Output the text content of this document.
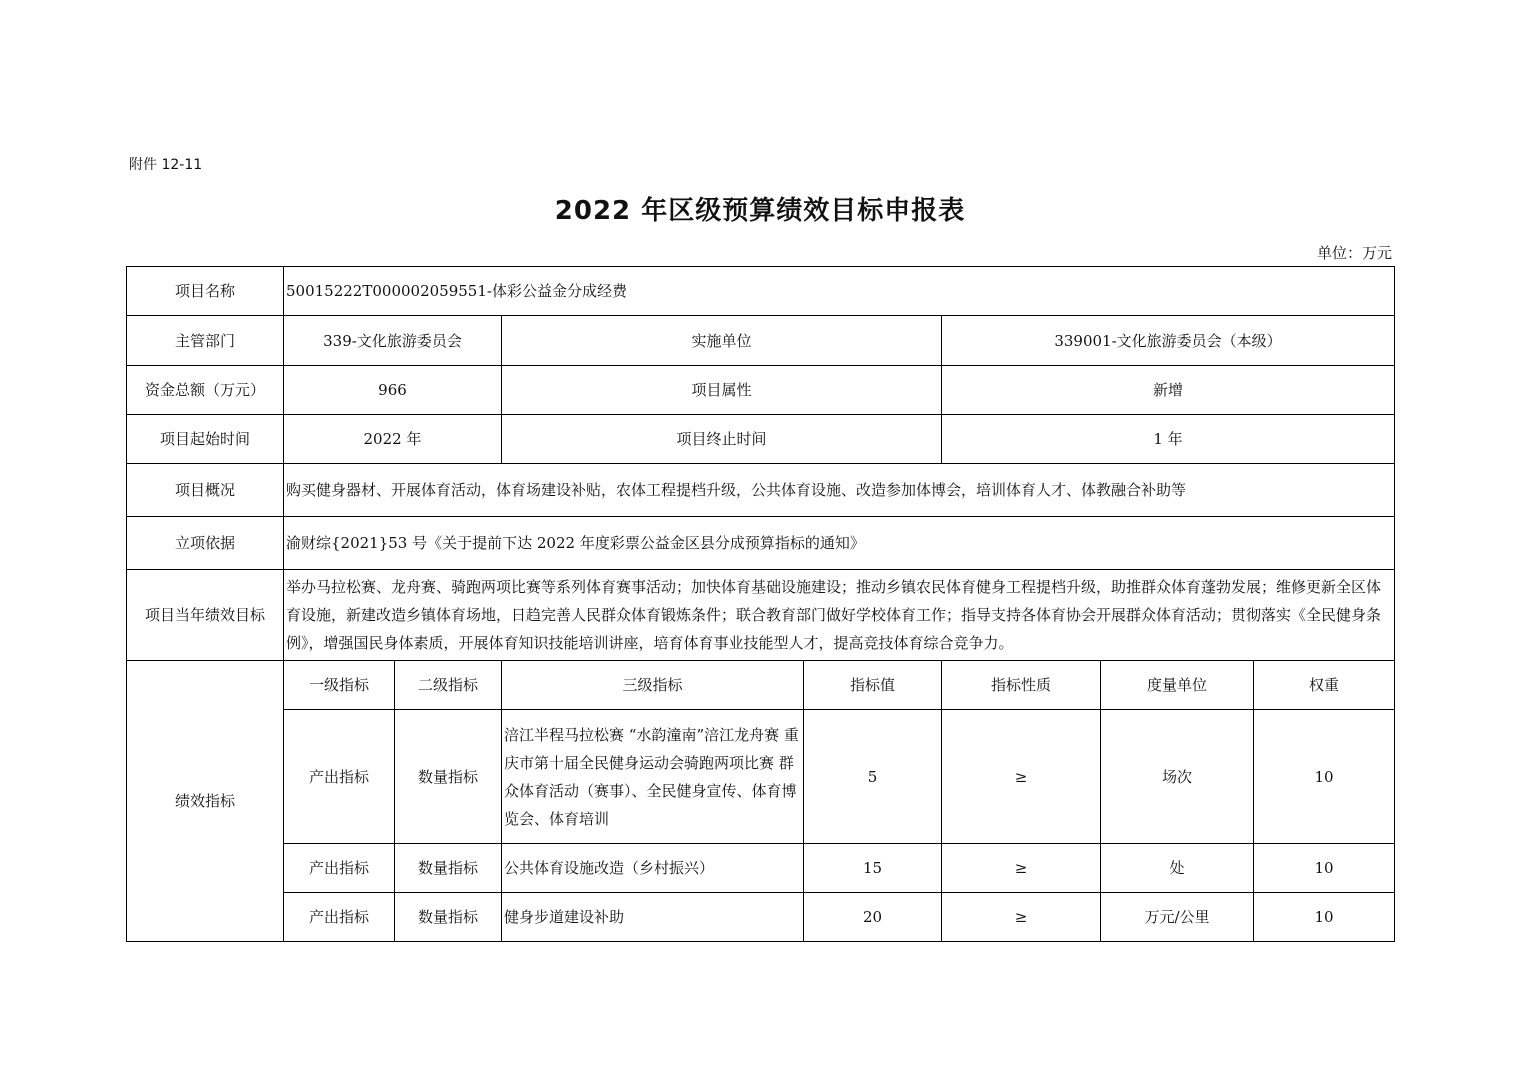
附件 12-11
2022 年区级预算绩效目标申报表
单位：万元
项目名称	50015222T000002059551-体彩公益金分成经费						
主管部门	339-文化旅游委员会		实施单位		339001-文化旅游委员会（本级）		
资金总额（万元）	966		项目属性		新增		
项目起始时间	2022 年		项目终止时间		1 年		
项目概况	购买健身器材、开展体育活动，体育场建设补贴，农体工程提档升级，公共体育设施、改造参加体博会，培训体育人才、体教融合补助等						
立项依据	渝财综{2021}53 号《关于提前下达 2022 年度彩票公益金区县分成预算指标的通知》						
项目当年绩效目标	举办马拉松赛、龙舟赛、骑跑两项比赛等系列体育赛事活动；加快体育基础设施建设；推动乡镇农民体育健身工程提档升级，助推群众体育蓬勃发展；维修更新全区体育设施，新建改造乡镇体育场地，日趋完善人民群众体育锻炼条件；联合教育部门做好学校体育工作；指导支持各体育协会开展群众体育活动；贯彻落实《全民健身条例》，增强国民身体素质，开展体育知识技能培训讲座，培育体育事业技能型人才，提高竞技体育综合竞争力。						
绩效指标	一级指标	二级指标	三级指标	指标值	指标性质	度量单位	权重
	产出指标	数量指标	涪江半程马拉松赛 “水韵潼南”涪江龙舟赛 重庆市第十届全民健身运动会骑跑两项比赛 群众体育活动（赛事）、全民健身宣传、体育博览会、体育培训	5	≥	场次	10
	产出指标	数量指标	公共体育设施改造（乡村振兴）	15	≥	处	10
	产出指标	数量指标	健身步道建设补助	20	≥	万元/公里	10
